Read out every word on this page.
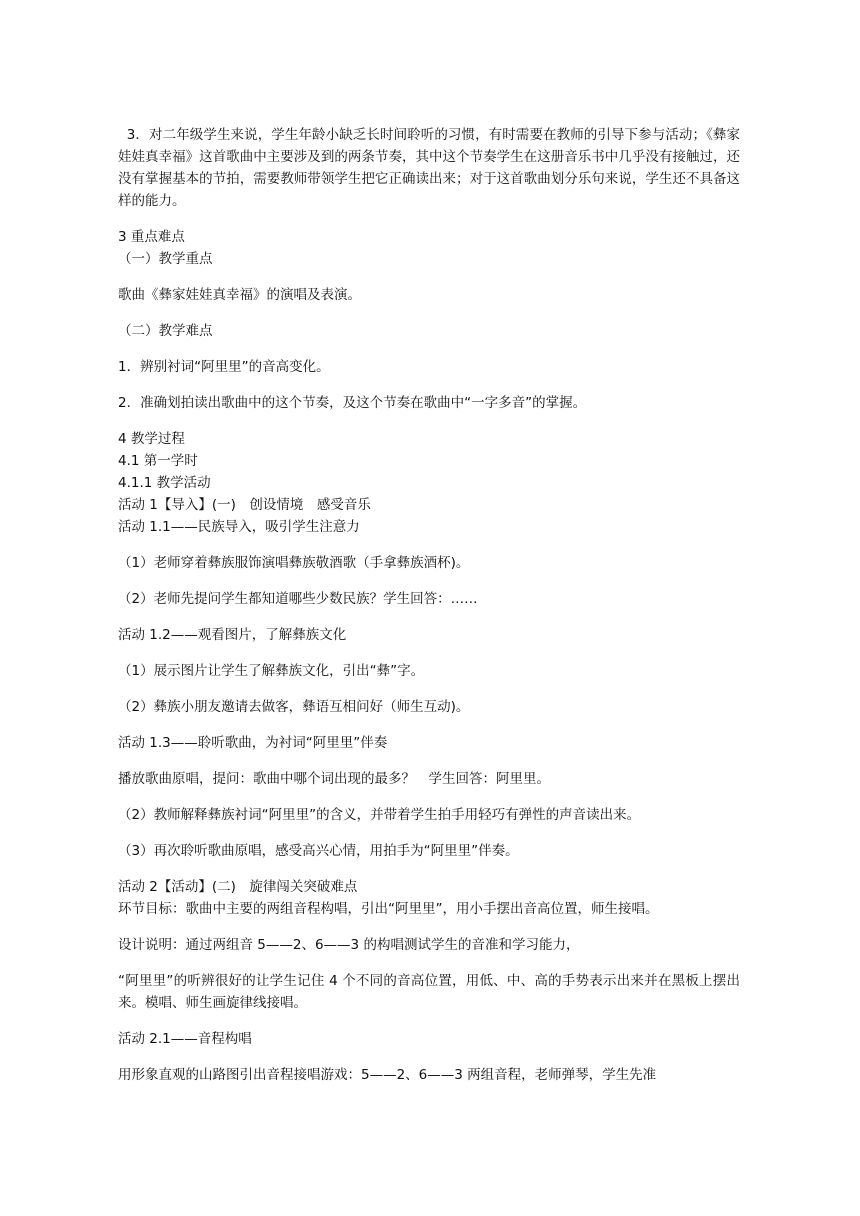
3．对二年级学生来说，学生年龄小缺乏长时间聆听的习惯，有时需要在教师的引导下参与活动；《彝家娃娃真幸福》这首歌曲中主要涉及到的两条节奏，其中这个节奏学生在这册音乐书中几乎没有接触过，还没有掌握基本的节拍，需要教师带领学生把它正确读出来；对于这首歌曲划分乐句来说，学生还不具备这样的能力。

3 重点难点

（一）教学重点

歌曲《彝家娃娃真幸福》的演唱及表演。

（二）教学难点

1．辨别衬词“阿里里”的音高变化。

2．准确划拍读出歌曲中的这个节奏，及这个节奏在歌曲中“一字多音”的掌握。

4 教学过程

4.1 第一学时

4.1.1 教学活动

活动 1【导入】(一)　创设情境　感受音乐

活动 1.1——民族导入，吸引学生注意力

（1）老师穿着彝族服饰演唱彝族敬酒歌（手拿彝族酒杯)。

（2）老师先提问学生都知道哪些少数民族？学生回答：……

活动 1.2——观看图片，了解彝族文化

（1）展示图片让学生了解彝族文化，引出“彝”字。

（2）彝族小朋友邀请去做客，彝语互相问好（师生互动)。

活动 1.3——聆听歌曲，为衬词“阿里里”伴奏

播放歌曲原唱，提问：歌曲中哪个词出现的最多？　学生回答：阿里里。

（2）教师解释彝族衬词“阿里里”的含义，并带着学生拍手用轻巧有弹性的声音读出来。

（3）再次聆听歌曲原唱，感受高兴心情，用拍手为“阿里里”伴奏。

活动 2【活动】(二)　旋律闯关突破难点

环节目标：歌曲中主要的两组音程构唱，引出“阿里里”，用小手摆出音高位置，师生接唱。

设计说明：通过两组音 5——2、6——3 的构唱测试学生的音准和学习能力，

“阿里里”的听辨很好的让学生记住 4 个不同的音高位置，用低、中、高的手势表示出来并在黑板上摆出来。模唱、师生画旋律线接唱。

活动 2.1——音程构唱

用形象直观的山路图引出音程接唱游戏：5——2、6——3 两组音程，老师弹琴，学生先准
